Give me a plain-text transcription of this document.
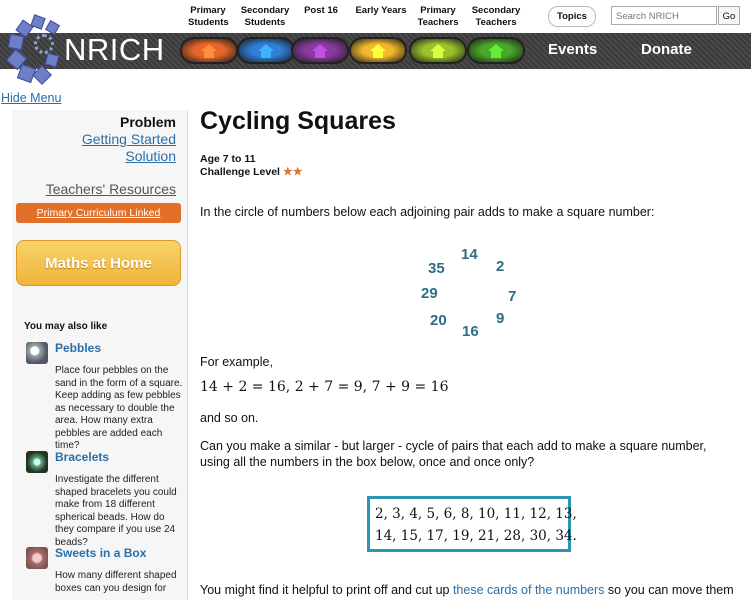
Primary
Students
Secondary
Students
Post 16	Early Years	Primary
Teachers
Secondary
Teachers
Topics	Search NRICH	Go
NRICH	Events	Donate
Hide Menu
Problem
Getting Started
Solution
Teachers' Resources
Primary Curriculum Linked
Maths at Home
You may also like
Pebbles
Place four pebbles on the sand in the form of a square. Keep adding as few pebbles as necessary to double the area. How many extra pebbles are added each time?
Bracelets
Investigate the different shaped bracelets you could make from 18 different spherical beads. How do they compare if you use 24 beads?
Sweets in a Box
How many different shaped boxes can you design for
Cycling Squares
Age 7 to 11
Challenge Level ★★
In the circle of numbers below each adjoining pair adds to make a square number:
14
2
7
9
16
20
29
35
For example,
14 + 2 = 16, 2 + 7 = 9, 7 + 9 = 16
and so on.
Can you make a similar - but larger - cycle of pairs that each add to make a square number,
using all the numbers in the box below, once and once only?
2, 3, 4, 5, 6, 8, 10, 11, 12, 13,
14, 15, 17, 19, 21, 28, 30, 34.
You might find it helpful to print off and cut up these cards of the numbers so you can move them
